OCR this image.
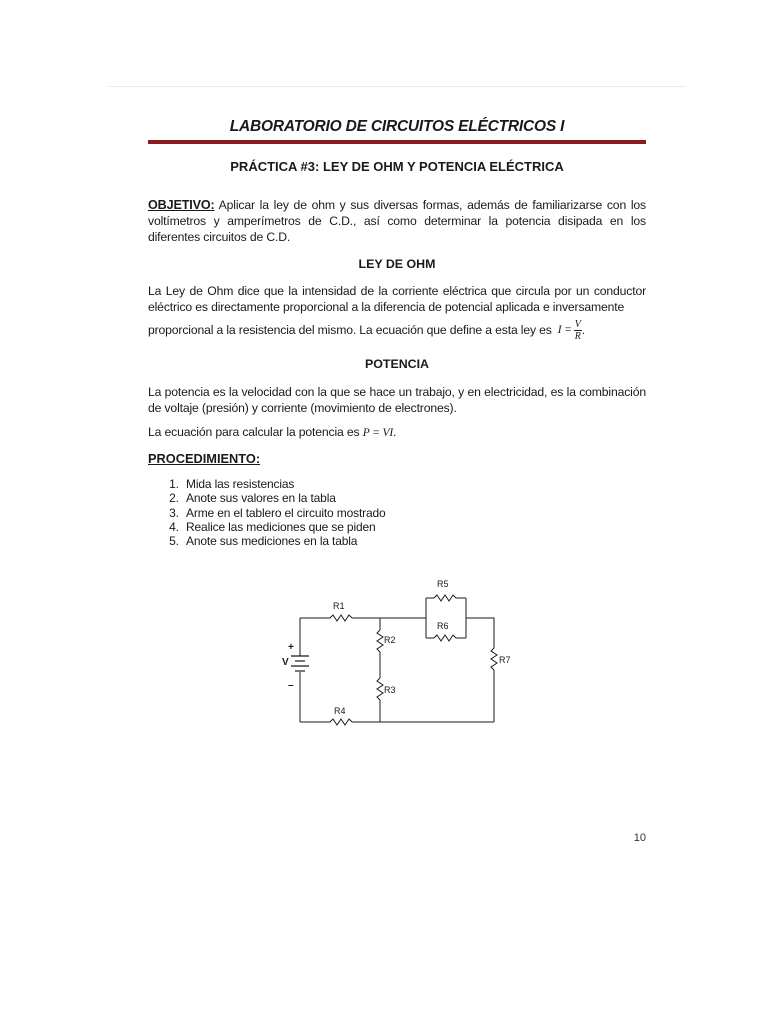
LABORATORIO DE CIRCUITOS ELÉCTRICOS I
PRÁCTICA #3: LEY DE OHM Y POTENCIA ELÉCTRICA

OBJETIVO: Aplicar la ley de ohm y sus diversas formas, además de familiarizarse con los voltímetros y amperímetros de C.D., así como determinar la potencia disipada en los diferentes circuitos de C.D.

LEY DE OHM

La Ley de Ohm dice que la intensidad de la corriente eléctrica que circula por un conductor eléctrico es directamente proporcional a la diferencia de potencial aplicada e inversamente

proporcional a la resistencia del mismo. La ecuación que define a esta ley es $I = \frac{V}{R}$ .

POTENCIA

La potencia es la velocidad con la que se hace un trabajo, y en electricidad, es la combinación de voltaje (presión) y corriente (movimiento de electrones).

La ecuación para calcular la potencia es P = VI.

PROCEDIMIENTO:
1. Mida las resistencias
2. Anote sus valores en la tabla
3. Arme en el tablero el circuito mostrado
4. Realice las mediciones que se piden
5. Anote sus mediciones en la tabla
R1
R2
R3
R4
R5
R6
R7
V
+
–
10
